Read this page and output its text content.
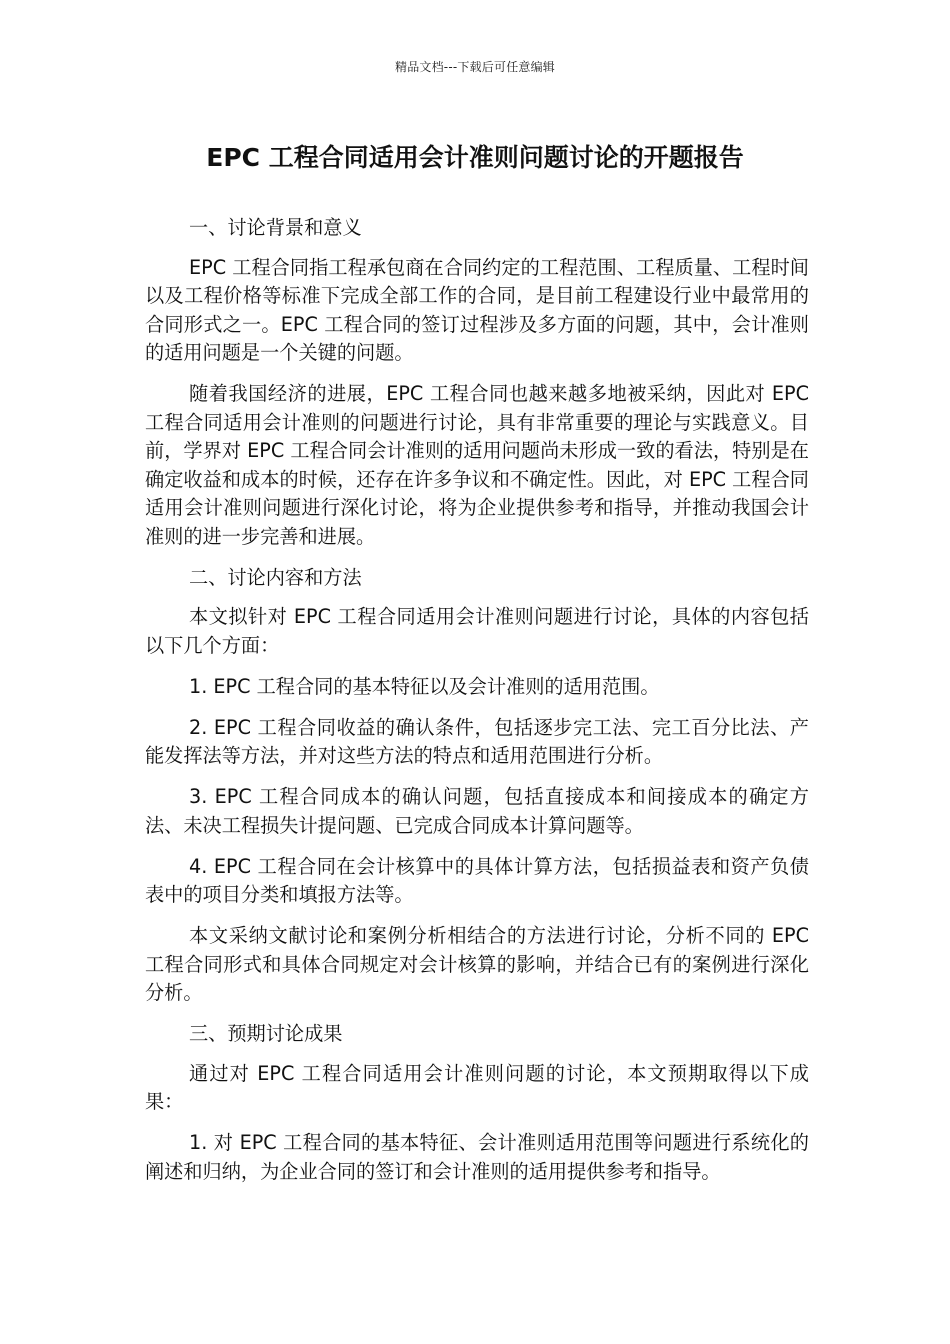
精品文档---下载后可任意编辑
EPC 工程合同适用会计准则问题讨论的开题报告

一、讨论背景和意义

EPC 工程合同指工程承包商在合同约定的工程范围、工程质量、工程时间以及工程价格等标准下完成全部工作的合同，是目前工程建设行业中最常用的合同形式之一。EPC 工程合同的签订过程涉及多方面的问题，其中，会计准则的适用问题是一个关键的问题。

随着我国经济的进展，EPC 工程合同也越来越多地被采纳，因此对 EPC 工程合同适用会计准则的问题进行讨论，具有非常重要的理论与实践意义。目前，学界对 EPC 工程合同会计准则的适用问题尚未形成一致的看法，特别是在确定收益和成本的时候，还存在许多争议和不确定性。因此，对 EPC 工程合同适用会计准则问题进行深化讨论，将为企业提供参考和指导，并推动我国会计准则的进一步完善和进展。

二、讨论内容和方法

本文拟针对 EPC 工程合同适用会计准则问题进行讨论，具体的内容包括以下几个方面：

1. EPC 工程合同的基本特征以及会计准则的适用范围。

2. EPC 工程合同收益的确认条件，包括逐步完工法、完工百分比法、产能发挥法等方法，并对这些方法的特点和适用范围进行分析。

3. EPC 工程合同成本的确认问题，包括直接成本和间接成本的确定方法、未决工程损失计提问题、已完成合同成本计算问题等。

4. EPC 工程合同在会计核算中的具体计算方法，包括损益表和资产负债表中的项目分类和填报方法等。

本文采纳文献讨论和案例分析相结合的方法进行讨论，分析不同的 EPC 工程合同形式和具体合同规定对会计核算的影响，并结合已有的案例进行深化分析。

三、预期讨论成果

通过对 EPC 工程合同适用会计准则问题的讨论，本文预期取得以下成果：

1. 对 EPC 工程合同的基本特征、会计准则适用范围等问题进行系统化的阐述和归纳，为企业合同的签订和会计准则的适用提供参考和指导。
